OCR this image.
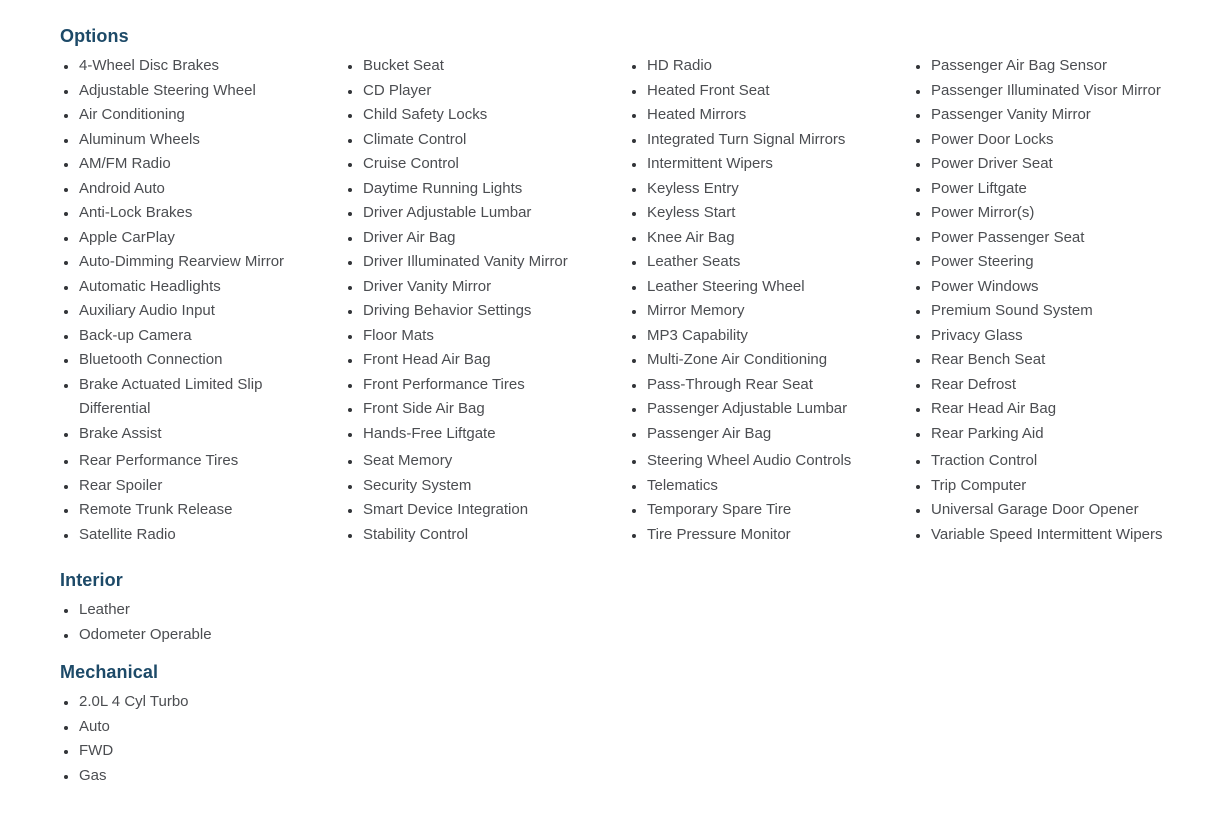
Options
• 4-Wheel Disc Brakes
• Adjustable Steering Wheel
• Air Conditioning
• Aluminum Wheels
• AM/FM Radio
• Android Auto
• Anti-Lock Brakes
• Apple CarPlay
• Auto-Dimming Rearview Mirror
• Automatic Headlights
• Auxiliary Audio Input
• Back-up Camera
• Bluetooth Connection
• Brake Actuated Limited Slip Differential
• Brake Assist
• Bucket Seat
• CD Player
• Child Safety Locks
• Climate Control
• Cruise Control
• Daytime Running Lights
• Driver Adjustable Lumbar
• Driver Air Bag
• Driver Illuminated Vanity Mirror
• Driver Vanity Mirror
• Driving Behavior Settings
• Floor Mats
• Front Head Air Bag
• Front Performance Tires
• Front Side Air Bag
• Hands-Free Liftgate
• HD Radio
• Heated Front Seat
• Heated Mirrors
• Integrated Turn Signal Mirrors
• Intermittent Wipers
• Keyless Entry
• Keyless Start
• Knee Air Bag
• Leather Seats
• Leather Steering Wheel
• Mirror Memory
• MP3 Capability
• Multi-Zone Air Conditioning
• Pass-Through Rear Seat
• Passenger Adjustable Lumbar
• Passenger Air Bag
• Passenger Air Bag Sensor
• Passenger Illuminated Visor Mirror
• Passenger Vanity Mirror
• Power Door Locks
• Power Driver Seat
• Power Liftgate
• Power Mirror(s)
• Power Passenger Seat
• Power Steering
• Power Windows
• Premium Sound System
• Privacy Glass
• Rear Bench Seat
• Rear Defrost
• Rear Head Air Bag
• Rear Parking Aid
• Rear Performance Tires
• Rear Spoiler
• Remote Trunk Release
• Satellite Radio
• Seat Memory
• Security System
• Smart Device Integration
• Stability Control
• Steering Wheel Audio Controls
• Telematics
• Temporary Spare Tire
• Tire Pressure Monitor
• Traction Control
• Trip Computer
• Universal Garage Door Opener
• Variable Speed Intermittent Wipers
Interior
• Leather
• Odometer Operable
Mechanical
• 2.0L 4 Cyl Turbo
• Auto
• FWD
• Gas
